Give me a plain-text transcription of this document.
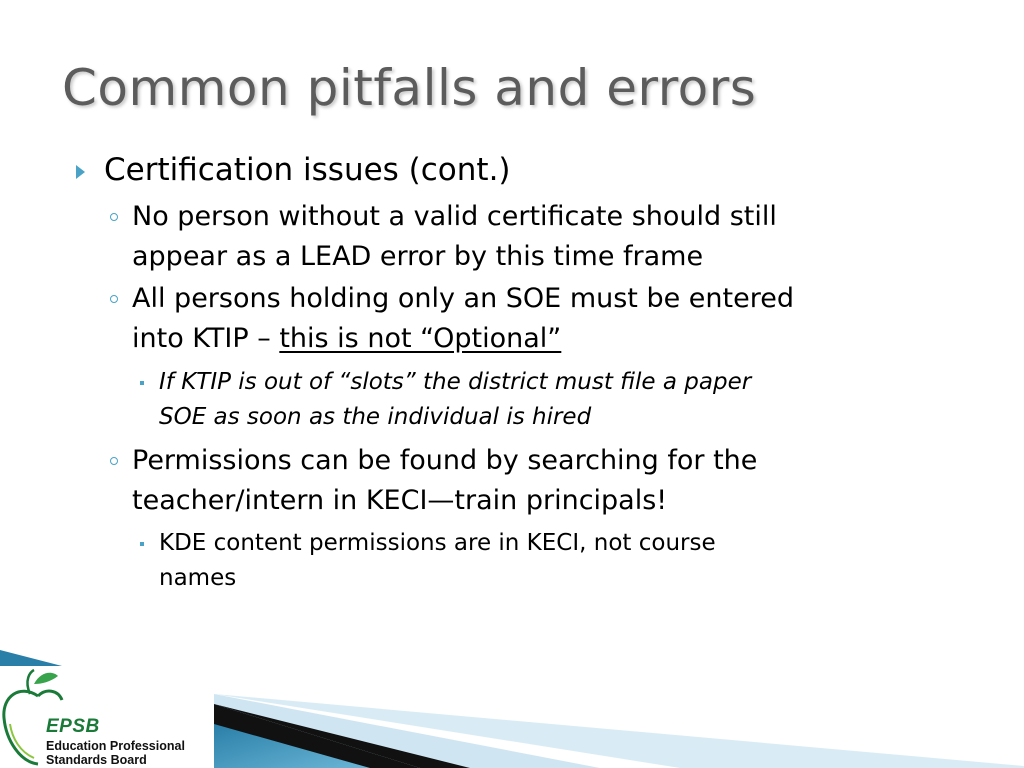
Common pitfalls and errors
Certification issues (cont.)
No person without a valid certificate should still
appear as a LEAD error by this time frame
All persons holding only an SOE must be entered
into KTIP – this is not “Optional”
If KTIP is out of “slots” the district must file a paper
SOE as soon as the individual is hired
Permissions can be found by searching for the
teacher/intern in KECI—train principals!
KDE content permissions are in KECI, not course
names
EPSB
Education Professional
Standards Board
